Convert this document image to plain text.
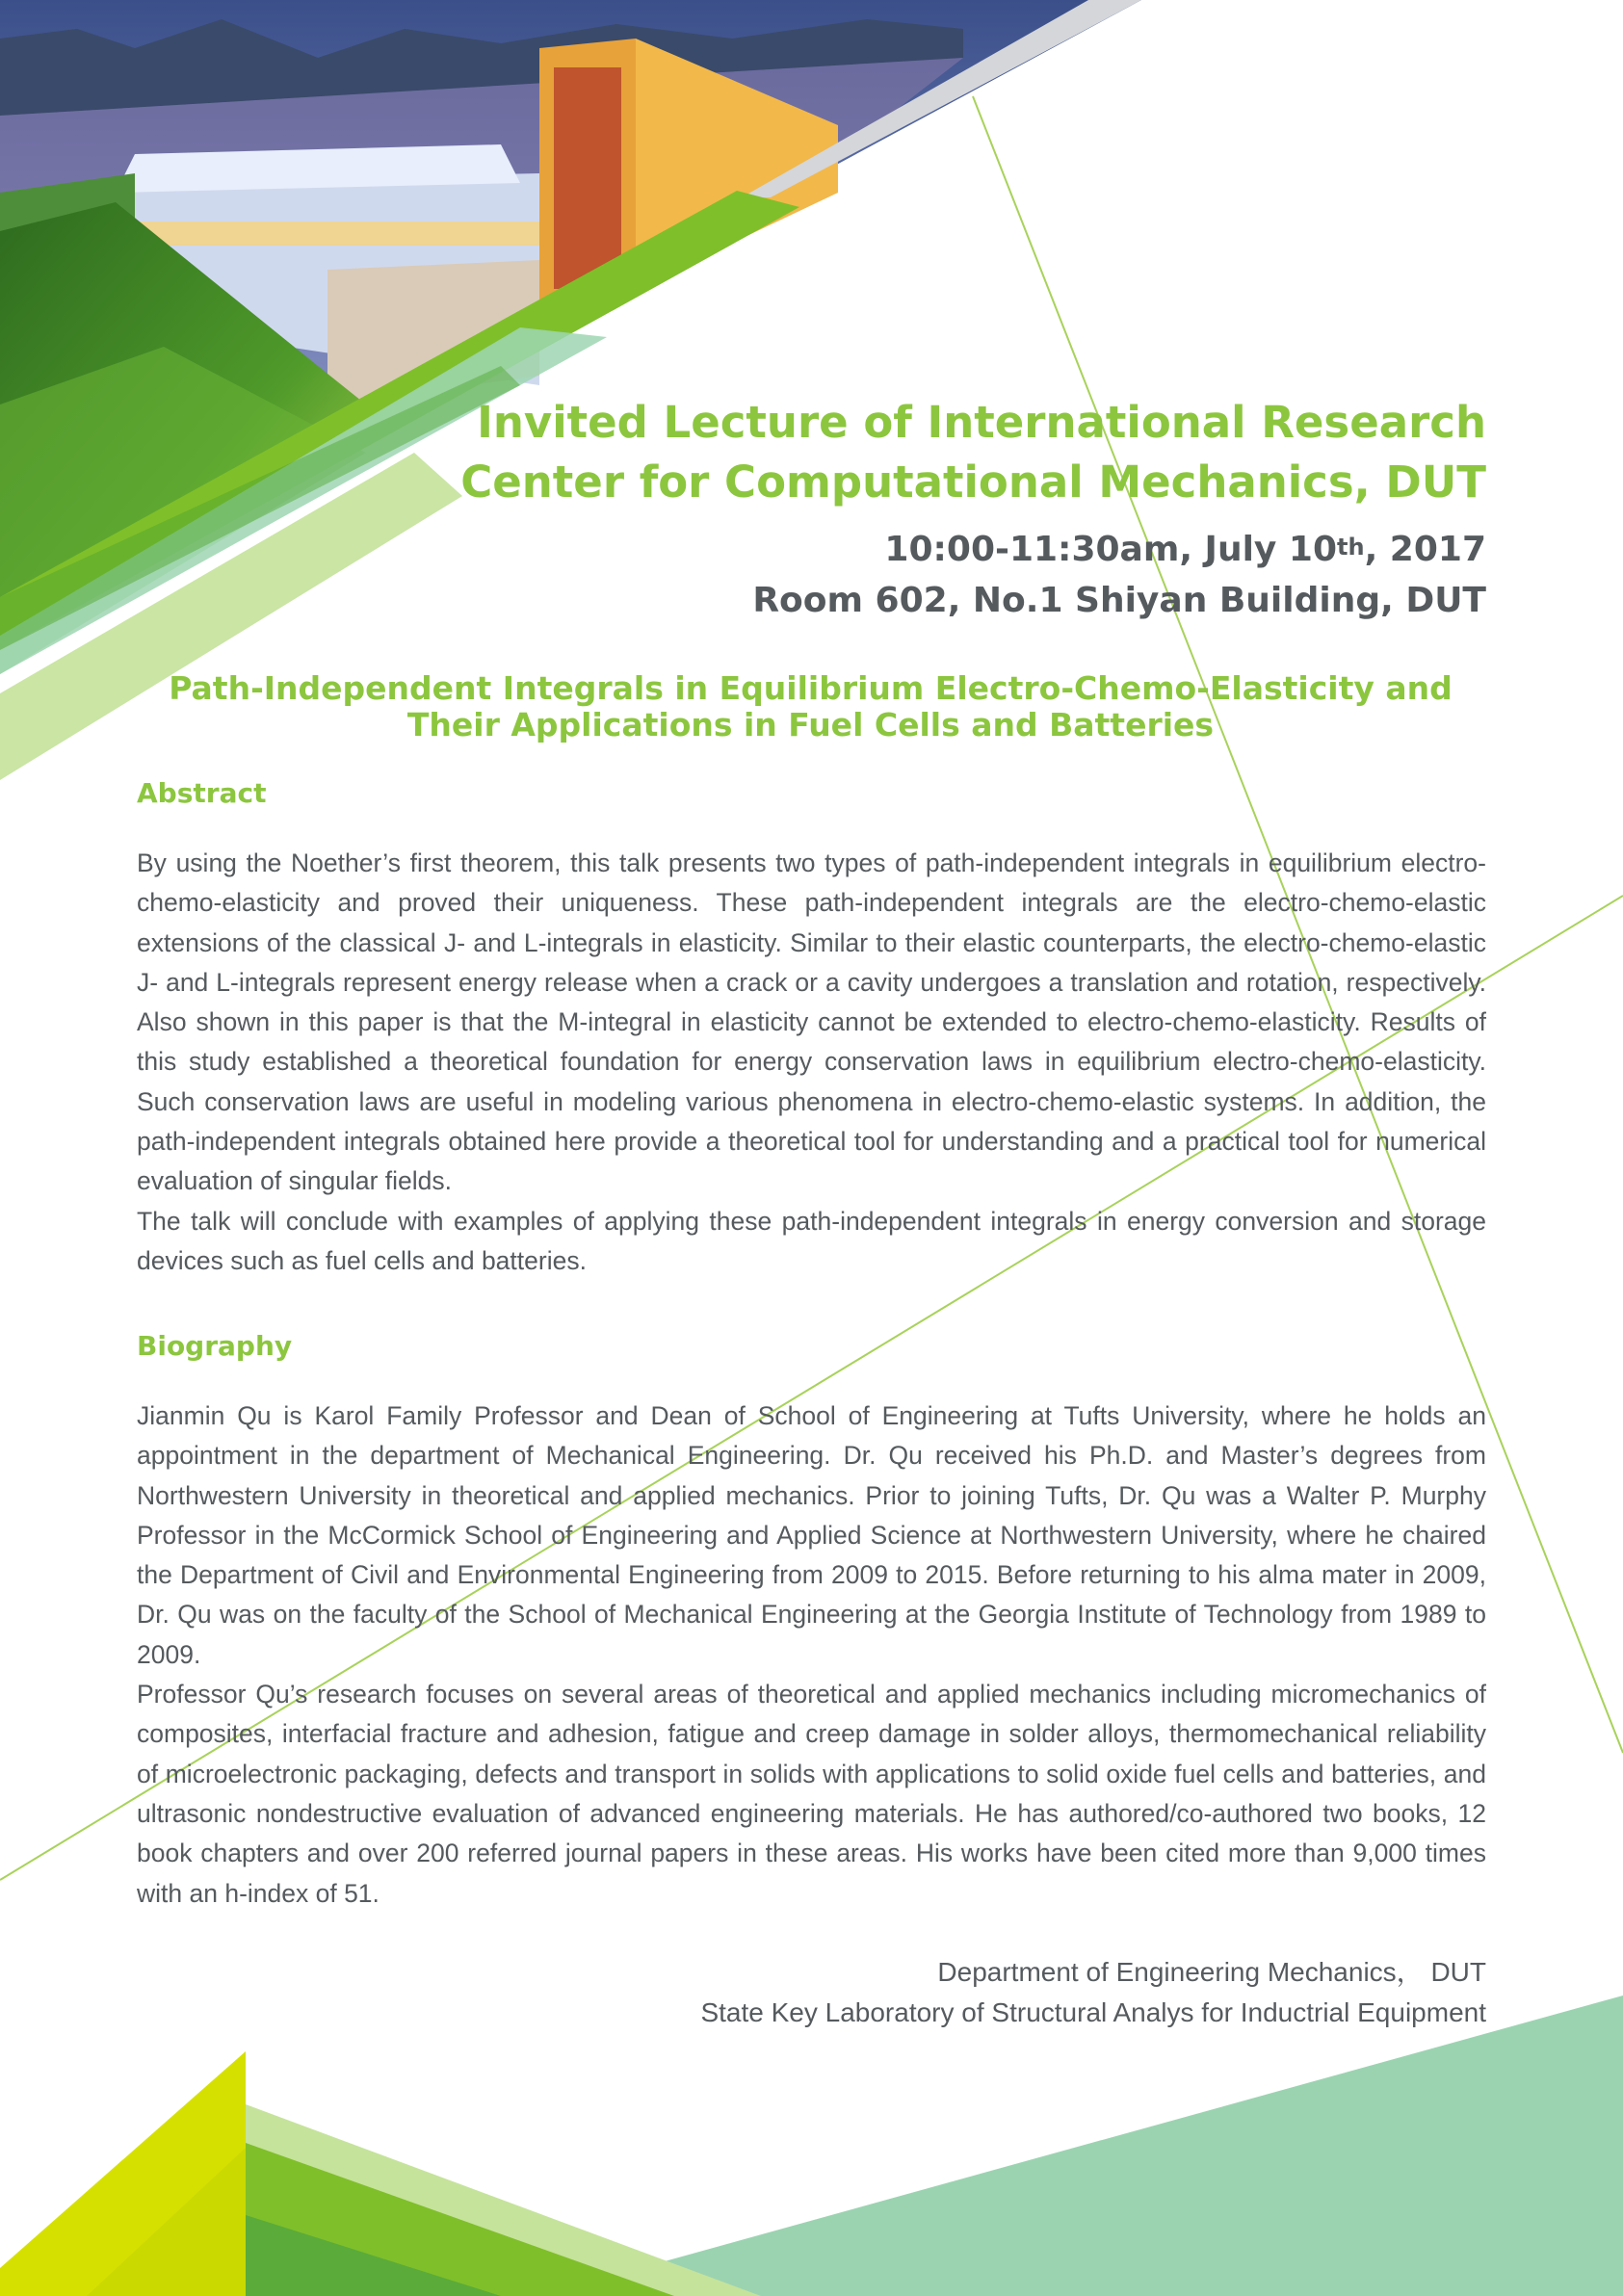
Invited Lecture of International Research
Center for Computational Mechanics, DUT
10:00-11:30am, July 10th, 2017
Room 602, No.1 Shiyan Building, DUT
Path-Independent Integrals in Equilibrium Electro-Chemo-Elasticity and
Their Applications in Fuel Cells and Batteries
Abstract

By using the Noether’s first theorem, this talk presents two types of path-independent integrals in equilibrium electro-chemo-elasticity and proved their uniqueness. These path-independent integrals are the electro-chemo-elastic extensions of the classical J- and L-integrals in elasticity. Similar to their elastic counterparts, the electro-chemo-elastic J- and L-integrals represent energy release when a crack or a cavity undergoes a translation and rotation, respectively. Also shown in this paper is that the M-integral in elasticity cannot be extended to electro-chemo-elasticity. Results of this study established a theoretical foundation for energy conservation laws in equilibrium electro-chemo-elasticity. Such conservation laws are useful in modeling various phenomena in electro-chemo-elastic systems. In addition, the path-independent integrals obtained here provide a theoretical tool for understanding and a practical tool for numerical evaluation of singular fields.

The talk will conclude with examples of applying these path-independent integrals in energy conversion and storage devices such as fuel cells and batteries.

Biography

Jianmin Qu is Karol Family Professor and Dean of School of Engineering at Tufts University, where he holds an appointment in the department of Mechanical Engineering. Dr. Qu received his Ph.D. and Master’s degrees from Northwestern University in theoretical and applied mechanics. Prior to joining Tufts, Dr. Qu was a Walter P. Murphy Professor in the McCormick School of Engineering and Applied Science at Northwestern University, where he chaired the Department of Civil and Environmental Engineering from 2009 to 2015. Before returning to his alma mater in 2009, Dr. Qu was on the faculty of the School of Mechanical Engineering at the Georgia Institute of Technology from 1989 to 2009.

Professor Qu’s research focuses on several areas of theoretical and applied mechanics including micromechanics of composites, interfacial fracture and adhesion, fatigue and creep damage in solder alloys, thermomechanical reliability of microelectronic packaging, defects and transport in solids with applications to solid oxide fuel cells and batteries, and ultrasonic nondestructive evaluation of advanced engineering materials. He has authored/co-authored two books, 12 book chapters and over 200 referred journal papers in these areas. His works have been cited more than 9,000 times with an h-index of 51.

Department of Engineering Mechanics， DUT
State Key Laboratory of Structural Analys for Inductrial Equipment
